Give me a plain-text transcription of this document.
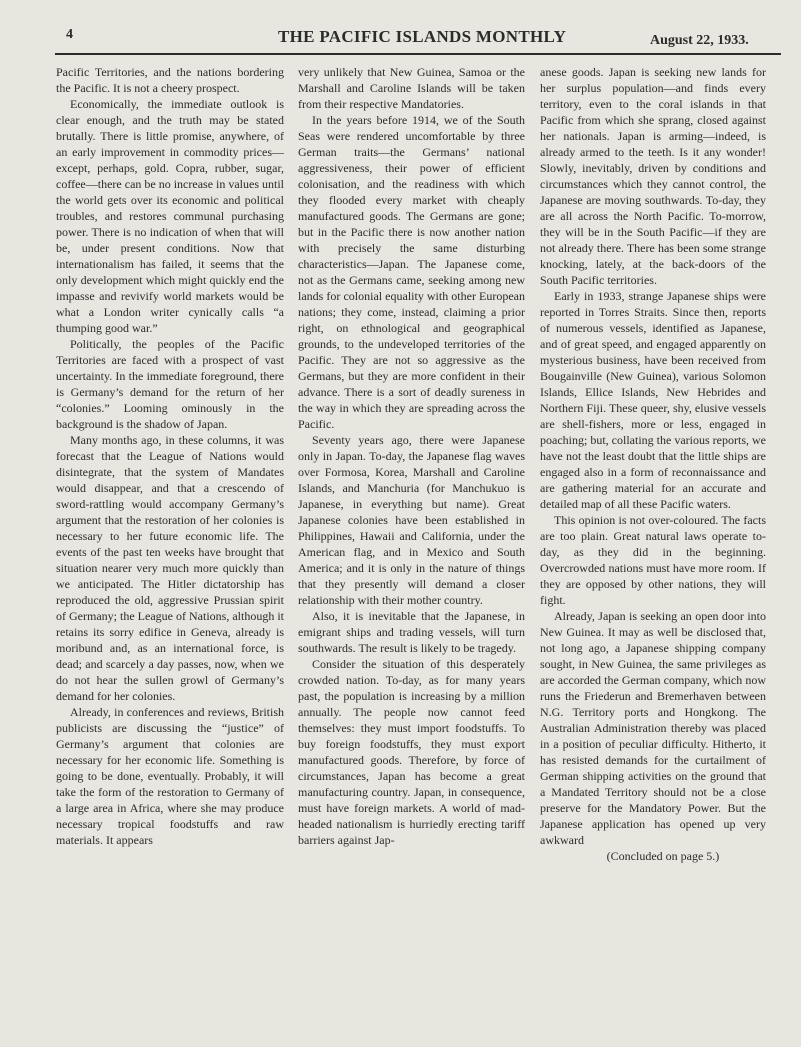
4	THE PACIFIC ISLANDS MONTHLY	August 22, 1933.

Pacific Territories, and the nations bordering the Pacific. It is not a cheery prospect.

Economically, the immediate outlook is clear enough, and the truth may be stated brutally. There is little promise, anywhere, of an early improvement in commodity prices—except, perhaps, gold. Copra, rubber, sugar, coffee—there can be no increase in values until the world gets over its economic and political troubles, and restores communal purchasing power. There is no indication of when that will be, under present conditions. Now that internationalism has failed, it seems that the only development which might quickly end the impasse and revivify world markets would be what a London writer cynically calls “a thumping good war.”

Politically, the peoples of the Pacific Territories are faced with a prospect of vast uncertainty. In the immediate foreground, there is Germany’s demand for the return of her “colonies.” Looming ominously in the background is the shadow of Japan.

Many months ago, in these columns, it was forecast that the League of Nations would disintegrate, that the system of Mandates would disappear, and that a crescendo of sword-rattling would accompany Germany’s argument that the restoration of her colonies is necessary to her future economic life. The events of the past ten weeks have brought that situation nearer very much more quickly than we anticipated. The Hitler dictatorship has reproduced the old, aggressive Prussian spirit of Germany; the League of Nations, although it retains its sorry edifice in Geneva, already is moribund and, as an international force, is dead; and scarcely a day passes, now, when we do not hear the sullen growl of Germany’s demand for her colonies.

Already, in conferences and reviews, British publicists are discussing the “justice” of Germany’s argument that colonies are necessary for her economic life. Something is going to be done, eventually. Probably, it will take the form of the restoration to Germany of a large area in Africa, where she may produce necessary tropical foodstuffs and raw materials. It appears

very unlikely that New Guinea, Samoa or the Marshall and Caroline Islands will be taken from their respective Mandatories.

In the years before 1914, we of the South Seas were rendered uncomfortable by three German traits—the Germans’ national aggressiveness, their power of efficient colonisation, and the readiness with which they flooded every market with cheaply manufactured goods. The Germans are gone; but in the Pacific there is now another nation with precisely the same disturbing characteristics—Japan. The Japanese come, not as the Germans came, seeking among new lands for colonial equality with other European nations; they come, instead, claiming a prior right, on ethnological and geographical grounds, to the undeveloped territories of the Pacific. They are not so aggressive as the Germans, but they are more confident in their advance. There is a sort of deadly sureness in the way in which they are spreading across the Pacific.

Seventy years ago, there were Japanese only in Japan. To-day, the Japanese flag waves over Formosa, Korea, Marshall and Caroline Islands, and Manchuria (for Manchukuo is Japanese, in everything but name). Great Japanese colonies have been established in Philippines, Hawaii and California, under the American flag, and in Mexico and South America; and it is only in the nature of things that they presently will demand a closer relationship with their mother country.

Also, it is inevitable that the Japanese, in emigrant ships and trading vessels, will turn southwards. The result is likely to be tragedy.

Consider the situation of this desperately crowded nation. To-day, as for many years past, the population is increasing by a million annually. The people now cannot feed themselves: they must import foodstuffs. To buy foreign foodstuffs, they must export manufactured goods. Therefore, by force of circumstances, Japan has become a great manufacturing country. Japan, in consequence, must have foreign markets. A world of mad-headed nationalism is hurriedly erecting tariff barriers against Jap-

anese goods. Japan is seeking new lands for her surplus population—and finds every territory, even to the coral islands in that Pacific from which she sprang, closed against her nationals. Japan is arming—indeed, is already armed to the teeth. Is it any wonder! Slowly, inevitably, driven by conditions and circumstances which they cannot control, the Japanese are moving southwards. To-day, they are all across the North Pacific. To-morrow, they will be in the South Pacific—if they are not already there. There has been some strange knocking, lately, at the back-doors of the South Pacific territories.

Early in 1933, strange Japanese ships were reported in Torres Straits. Since then, reports of numerous vessels, identified as Japanese, and of great speed, and engaged apparently on mysterious business, have been received from Bougainville (New Guinea), various Solomon Islands, Ellice Islands, New Hebrides and Northern Fiji. These queer, shy, elusive vessels are shell-fishers, more or less, engaged in poaching; but, collating the various reports, we have not the least doubt that the little ships are engaged also in a form of reconnaissance and are gathering material for an accurate and detailed map of all these Pacific waters.

This opinion is not over-coloured. The facts are too plain. Great natural laws operate to-day, as they did in the beginning. Overcrowded nations must have more room. If they are opposed by other nations, they will fight.

Already, Japan is seeking an open door into New Guinea. It may as well be disclosed that, not long ago, a Japanese shipping company sought, in New Guinea, the same privileges as are accorded the German company, which now runs the Friederun and Bremerhaven between N.G. Territory ports and Hongkong. The Australian Administration thereby was placed in a position of peculiar difficulty. Hitherto, it has resisted demands for the curtailment of German shipping activities on the ground that a Mandated Territory should not be a close preserve for the Mandatory Power. But the Japanese application has opened up very awkward

(Concluded on page 5.)
